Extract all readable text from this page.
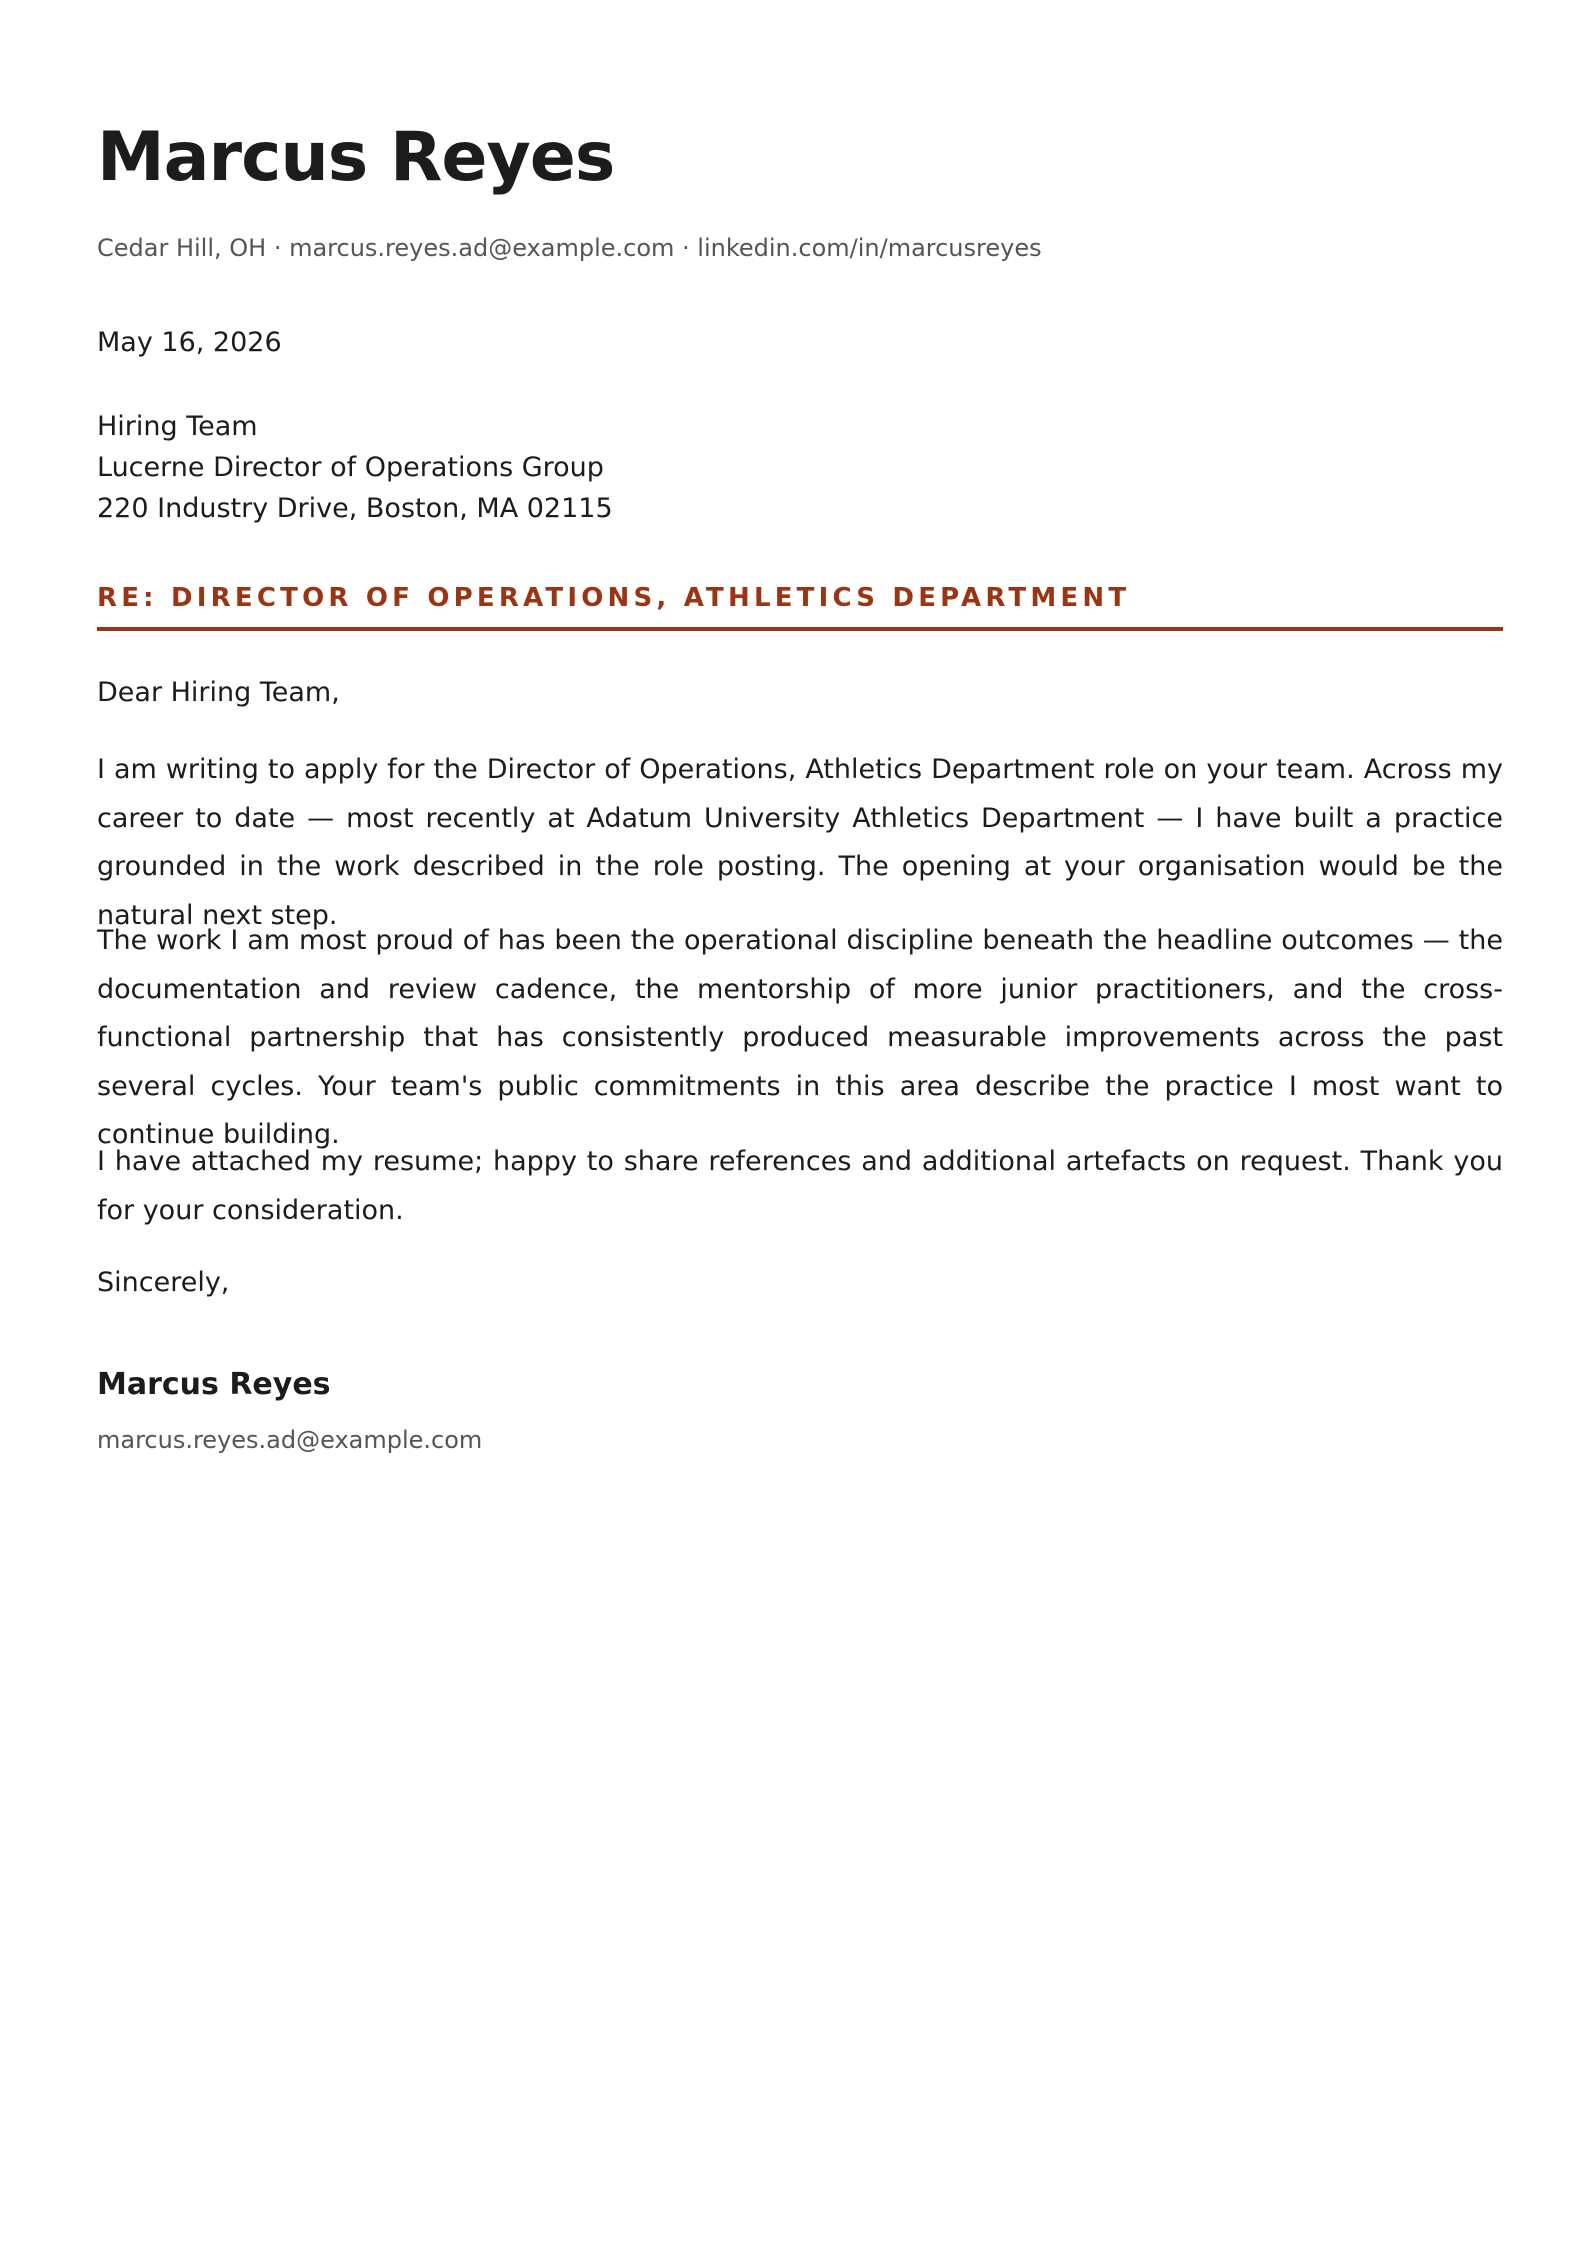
Marcus Reyes
Cedar Hill, OH · marcus.reyes.ad@example.com · linkedin.com/in/marcusreyes
May 16, 2026
Hiring Team
Lucerne Director of Operations Group
220 Industry Drive, Boston, MA 02115
RE: DIRECTOR OF OPERATIONS, ATHLETICS DEPARTMENT
Dear Hiring Team,

I am writing to apply for the Director of Operations, Athletics Department role on your team. Across my career to date — most recently at Adatum University Athletics Department — I have built a practice grounded in the work described in the role posting. The opening at your organisation would be the natural next step.

The work I am most proud of has been the operational discipline beneath the headline outcomes — the documentation and review cadence, the mentorship of more junior practitioners, and the cross-functional partnership that has consistently produced measurable improvements across the past several cycles. Your team's public commitments in this area describe the practice I most want to continue building.

I have attached my resume; happy to share references and additional artefacts on request. Thank you for your consideration.

Sincerely,
Marcus Reyes
marcus.reyes.ad@example.com
